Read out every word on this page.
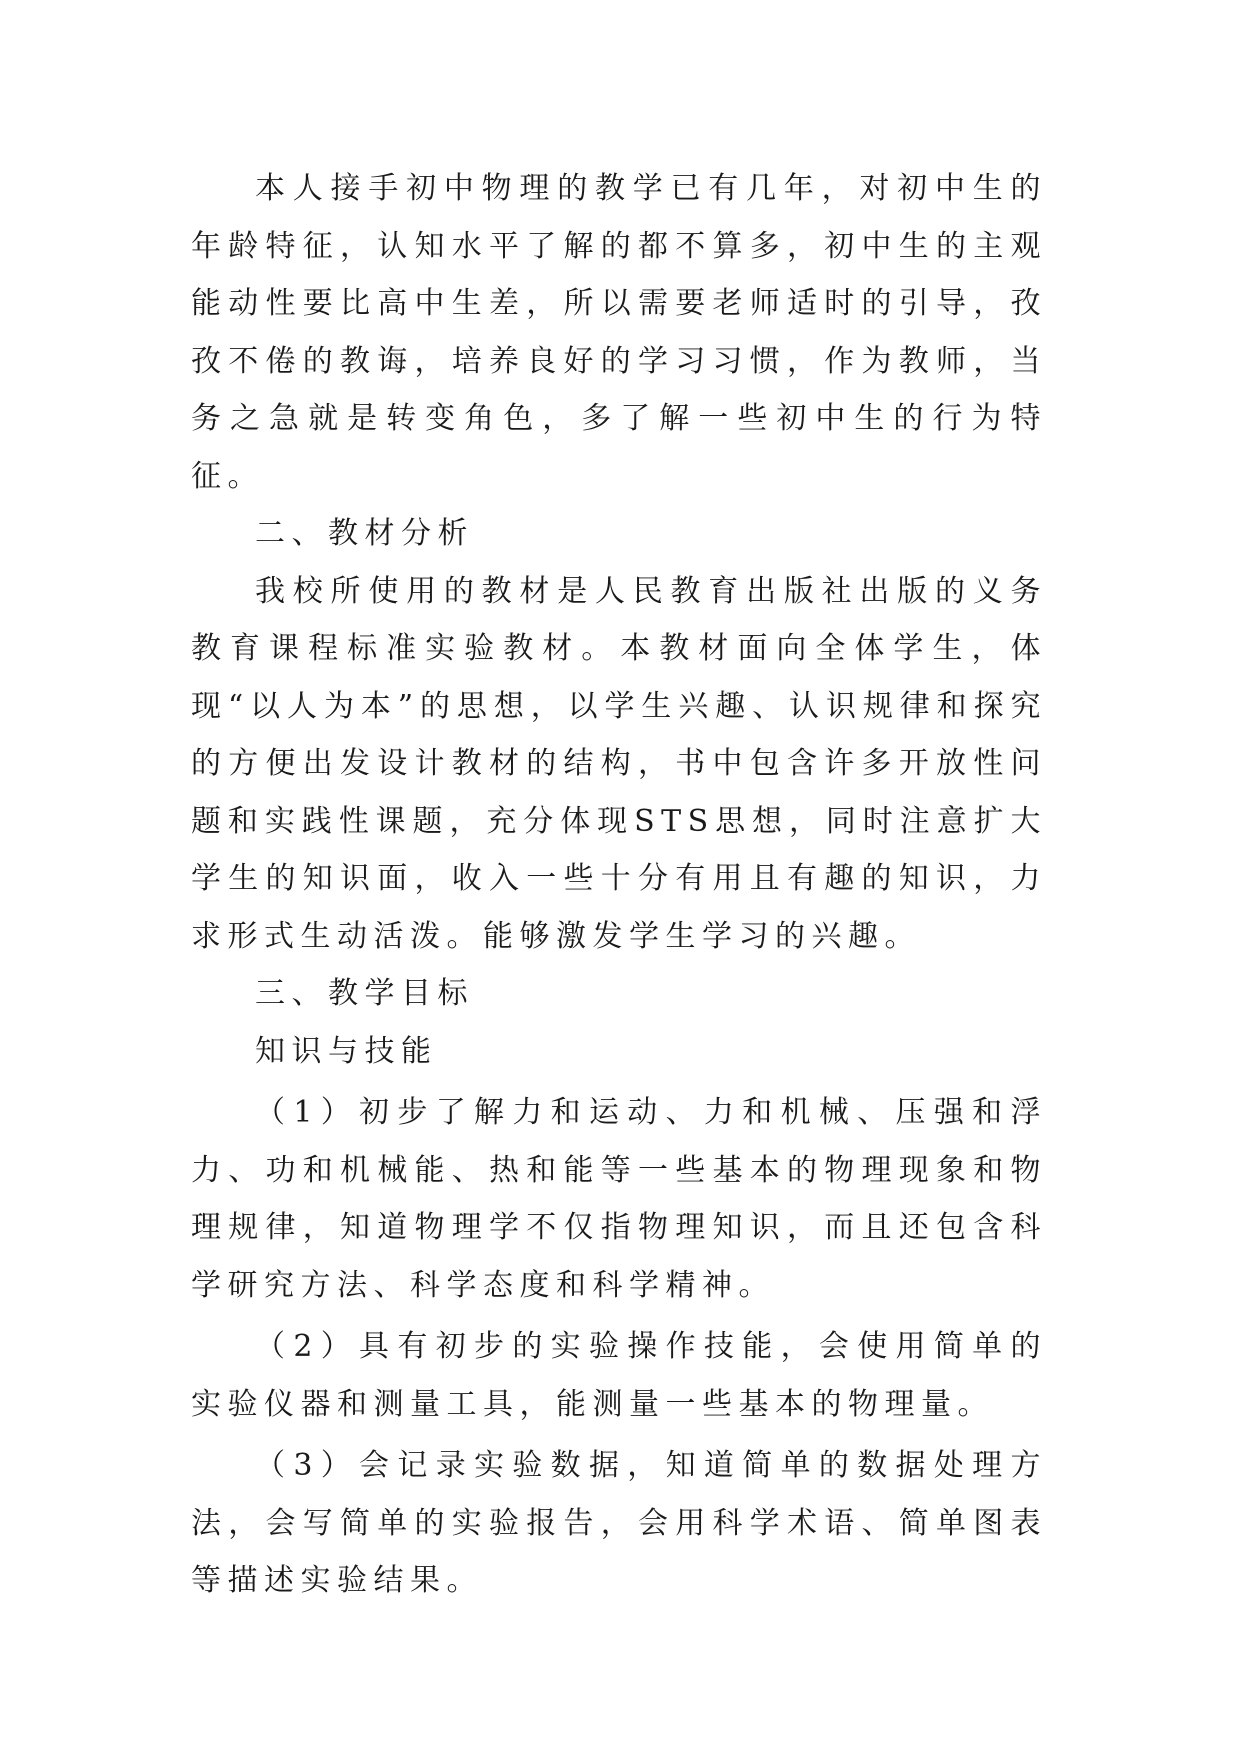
本人接手初中物理的教学已有几年，对初中生的年龄特征，认知水平了解的都不算多，初中生的主观能动性要比高中生差，所以需要老师适时的引导，孜孜不倦的教诲，培养良好的学习习惯，作为教师，当务之急就是转变角色，多了解一些初中生的行为特征。

二、教材分析

我校所使用的教材是人民教育出版社出版的义务教育课程标准实验教材。本教材面向全体学生，体现“以人为本”的思想，以学生兴趣、认识规律和探究的方便出发设计教材的结构，书中包含许多开放性问题和实践性课题，充分体现STS思想，同时注意扩大学生的知识面，收入一些十分有用且有趣的知识，力求形式生动活泼。能够激发学生学习的兴趣。

三、教学目标

知识与技能

（1）初步了解力和运动、力和机械、压强和浮力、功和机械能、热和能等一些基本的物理现象和物理规律，知道物理学不仅指物理知识，而且还包含科学研究方法、科学态度和科学精神。

（2）具有初步的实验操作技能，会使用简单的实验仪器和测量工具，能测量一些基本的物理量。

（3）会记录实验数据，知道简单的数据处理方法，会写简单的实验报告，会用科学术语、简单图表等描述实验结果。
